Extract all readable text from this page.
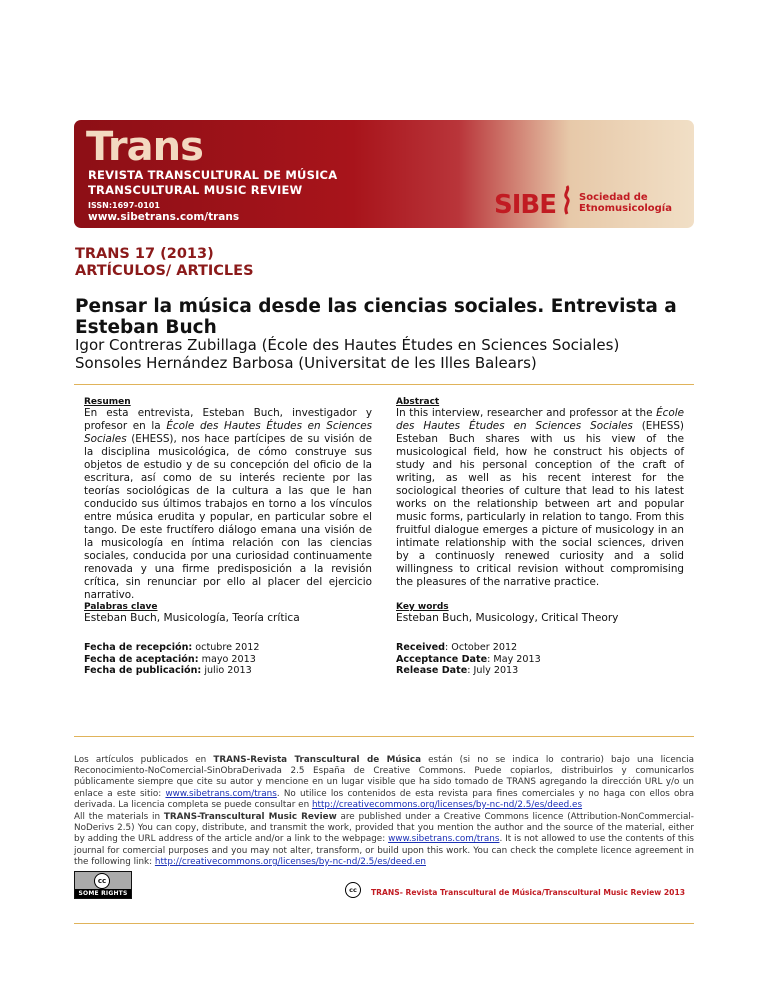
Trans
REVISTA TRANSCULTURAL DE MÚSICA
TRANSCULTURAL MUSIC REVIEW
ISSN:1697-0101
www.sibetrans.com/trans	SIBE Sociedad de
Etnomusicología
TRANS 17 (2013)
ARTÍCULOS/ ARTICLES
Pensar la música desde las ciencias sociales. Entrevista a Esteban Buch
Igor Contreras Zubillaga (École des Hautes Études en Sciences Sociales)
Sonsoles Hernández Barbosa (Universitat de les Illes Balears)
Resumen
En esta entrevista, Esteban Buch, investigador y profesor en la École des Hautes Études en Sciences Sociales (EHESS), nos hace partícipes de su visión de la disciplina musicológica, de cómo construye sus objetos de estudio y de su concepción del oficio de la escritura, así como de su interés reciente por las teorías sociológicas de la cultura a las que le han conducido sus últimos trabajos en torno a los vínculos entre música erudita y popular, en particular sobre el tango. De este fructífero diálogo emana una visión de la musicología en íntima relación con las ciencias sociales, conducida por una curiosidad continuamente renovada y una firme predisposición a la revisión crítica, sin renunciar por ello al placer del ejercicio narrativo.
Abstract
In this interview, researcher and professor at the École des Hautes Études en Sciences Sociales (EHESS) Esteban Buch shares with us his view of the musicological field, how he construct his objects of study and his personal conception of the craft of writing, as well as his recent interest for the sociological theories of culture that lead to his latest works on the relationship between art and popular music forms, particularly in relation to tango. From this fruitful dialogue emerges a picture of musicology in an intimate relationship with the social sciences, driven by a continuosly renewed curiosity and a solid willingness to critical revision without compromising the pleasures of the narrative practice.
Palabras clave
Esteban Buch, Musicología, Teoría crítica
Key words
Esteban Buch, Musicology, Critical Theory
Fecha de recepción: octubre 2012
Fecha de aceptación: mayo 2013
Fecha de publicación: julio 2013
Received: October 2012
Acceptance Date: May 2013
Release Date: July 2013
Los artículos publicados en TRANS-Revista Transcultural de Música están (si no se indica lo contrario) bajo una licencia Reconocimiento-NoComercial-SinObraDerivada 2.5 España de Creative Commons. Puede copiarlos, distribuirlos y comunicarlos públicamente siempre que cite su autor y mencione en un lugar visible que ha sido tomado de TRANS agregando la dirección URL y/o un enlace a este sitio: www.sibetrans.com/trans. No utilice los contenidos de esta revista para fines comerciales y no haga con ellos obra derivada. La licencia completa se puede consultar en http://creativecommons.org/licenses/by-nc-nd/2.5/es/deed.es
All the materials in TRANS-Transcultural Music Review are published under a Creative Commons licence (Attribution-NonCommercial-NoDerivs 2.5) You can copy, distribute, and transmit the work, provided that you mention the author and the source of the material, either by adding the URL address of the article and/or a link to the webpage: www.sibetrans.com/trans. It is not allowed to use the contents of this journal for comercial purposes and you may not alter, transform, or build upon this work. You can check the complete licence agreement in the following link: http://creativecommons.org/licenses/by-nc-nd/2.5/es/deed.en
cc
SOME RIGHTS RESERVED
cc	TRANS- Revista Transcultural de Música/Transcultural Music Review 2013
